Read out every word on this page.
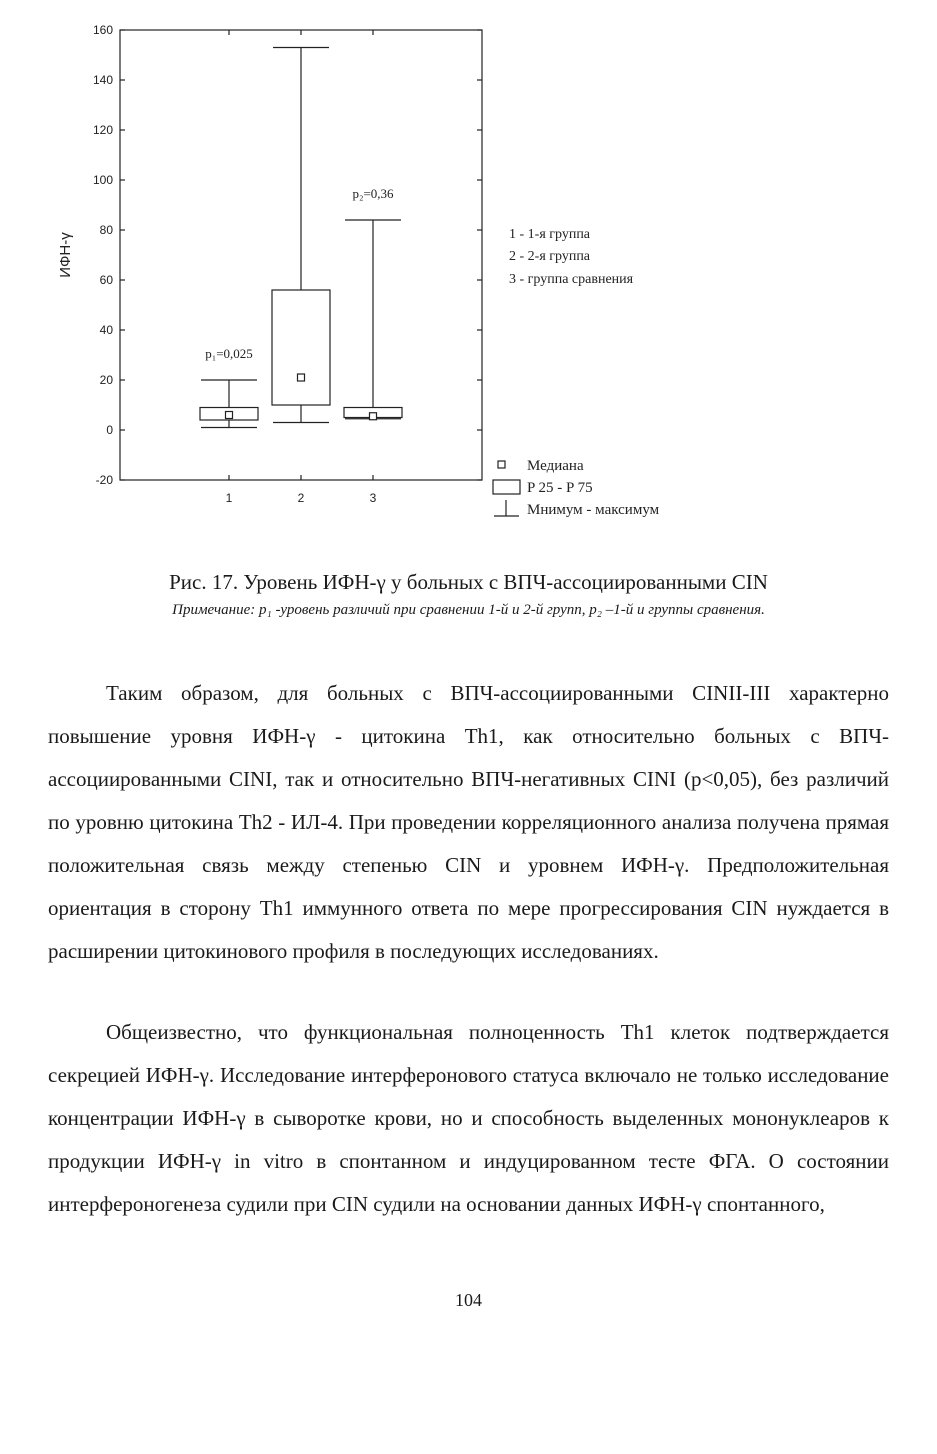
160
140
120
100
80
60
40
20
0
-20
1	2	3
p₁=0,025
p₂=0,36
ИФН-γ	1 - 1-я группа
2 - 2-я группа
3 - группа сравнения
Медиана
P 25 - P 75
Мнимум - максимум
Рис. 17. Уровень ИФН-γ у больных с ВПЧ-ассоциированными CIN
Примечание: p₁ -уровень различий при сравнении 1-й и 2-й групп, p₂ –1-й и группы сравнения.

Таким образом, для больных с ВПЧ-ассоциированными CINII-III характерно повышение уровня ИФН-γ - цитокина Th1, как относительно больных с ВПЧ-ассоциированными CINI, так и относительно ВПЧ-негативных CINI (p<0,05), без различий по уровню цитокина Th2 - ИЛ-4. При проведении корреляционного анализа получена прямая положительная связь между степенью CIN и уровнем ИФН-γ. Предположительная ориентация в сторону Th1 иммунного ответа по мере прогрессирования CIN нуждается в расширении цитокинового профиля в последующих исследованиях.

Общеизвестно, что функциональная полноценность Th1 клеток подтверждается секрецией ИФН-γ. Исследование интерферонового статуса включало не только исследование концентрации ИФН-γ в сыворотке крови, но и способность выделенных мононуклеаров к продукции ИФН-γ in vitro в спонтанном и индуцированном тесте ФГА. О состоянии интерфероногенеза судили при CIN судили на основании данных ИФН-γ спонтанного,

104
